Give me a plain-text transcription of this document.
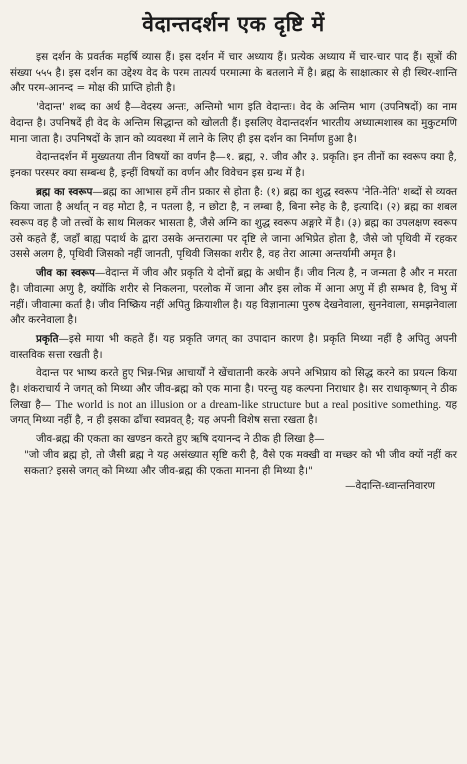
वेदान्तदर्शन एक दृष्टि में

इस दर्शन के प्रवर्तक महर्षि व्यास हैं। इस दर्शन में चार अध्याय हैं। प्रत्येक अध्याय में चार-चार पाद हैं। सूत्रों की संख्या ५५५ है। इस दर्शन का उद्देश्य वेद के परम तात्पर्य परमात्मा के बतलाने में है। ब्रह्म के साक्षात्कार से ही स्थिर-शान्ति और परम-आनन्द = मोक्ष की प्राप्ति होती है।

'वेदान्त' शब्द का अर्थ है—वेदस्य अन्तः, अन्तिमो भाग इति वेदान्तः। वेद के अन्तिम भाग (उपनिषदों) का नाम वेदान्त है। उपनिषदें ही वेद के अन्तिम सिद्धान्त को खोलती हैं। इसलिए वेदान्तदर्शन भारतीय अध्यात्मशास्त्र का मुकुटमणि माना जाता है। उपनिषदों के ज्ञान को व्यवस्था में लाने के लिए ही इस दर्शन का निर्माण हुआ है।

वेदान्तदर्शन में मुख्यतया तीन विषयों का वर्णन है—१. ब्रह्म, २. जीव और ३. प्रकृति। इन तीनों का स्वरूप क्या है, इनका परस्पर क्या सम्बन्ध है, इन्हीं विषयों का वर्णन और विवेचन इस ग्रन्थ में है।

ब्रह्म का स्वरूप—ब्रह्म का आभास हमें तीन प्रकार से होता है: (१) ब्रह्म का शुद्ध स्वरूप 'नेति-नेति' शब्दों से व्यक्त किया जाता है अर्थात् न वह मोटा है, न पतला है, न छोटा है, न लम्बा है, बिना स्नेह के है, इत्यादि। (२) ब्रह्म का शबल स्वरूप वह है जो तत्त्वों के साथ मिलकर भासता है, जैसे अग्नि का शुद्ध स्वरूप अङ्गारे में है। (३) ब्रह्म का उपलक्षण स्वरूप उसे कहते हैं, जहाँ बाह्य पदार्थ के द्वारा उसके अन्तरात्मा पर दृष्टि ले जाना अभिप्रेत होता है, जैसे जो पृथिवी में रहकर उससे अलग है, पृथिवी जिसको नहीं जानती, पृथिवी जिसका शरीर है, वह तेरा आत्मा अन्तर्यामी अमृत है।

जीव का स्वरूप—वेदान्त में जीव और प्रकृति ये दोनों ब्रह्म के अधीन हैं। जीव नित्य है, न जन्मता है और न मरता है। जीवात्मा अणु है, क्योंकि शरीर से निकलना, परलोक में जाना और इस लोक में आना अणु में ही सम्भव है, विभु में नहीं। जीवात्मा कर्ता है। जीव निष्क्रिय नहीं अपितु क्रियाशील है। यह विज्ञानात्मा पुरुष देखनेवाला, सुननेवाला, समझनेवाला और करनेवाला है।

प्रकृति—इसे माया भी कहते हैं। यह प्रकृति जगत् का उपादान कारण है। प्रकृति मिथ्या नहीं है अपितु अपनी वास्तविक सत्ता रखती है।

वेदान्त पर भाष्य करते हुए भिन्न-भिन्न आचार्यों ने खेंचातानी करके अपने अभिप्राय को सिद्ध करने का प्रयत्न किया है। शंकराचार्य ने जगत् को मिथ्या और जीव-ब्रह्म को एक माना है। परन्तु यह कल्पना निराधार है। सर राधाकृष्णन् ने ठीक लिखा है— The world is not an illusion or a dream-like structure but a real positive something. यह जगत् मिथ्या नहीं है, न ही इसका ढाँचा स्वप्नवत् है; यह अपनी विशेष सत्ता रखता है।

जीव-ब्रह्म की एकता का खण्डन करते हुए ऋषि दयानन्द ने ठीक ही लिखा है—

"जो जीव ब्रह्म हो, तो जैसी ब्रह्म ने यह असंख्यात सृष्टि करी है, वैसे एक मक्खी वा मच्छर को भी जीव क्यों नहीं कर सकता? इससे जगत् को मिथ्या और जीव-ब्रह्म की एकता मानना ही मिथ्या है।"

—वेदान्ति-ध्वान्तनिवारण
